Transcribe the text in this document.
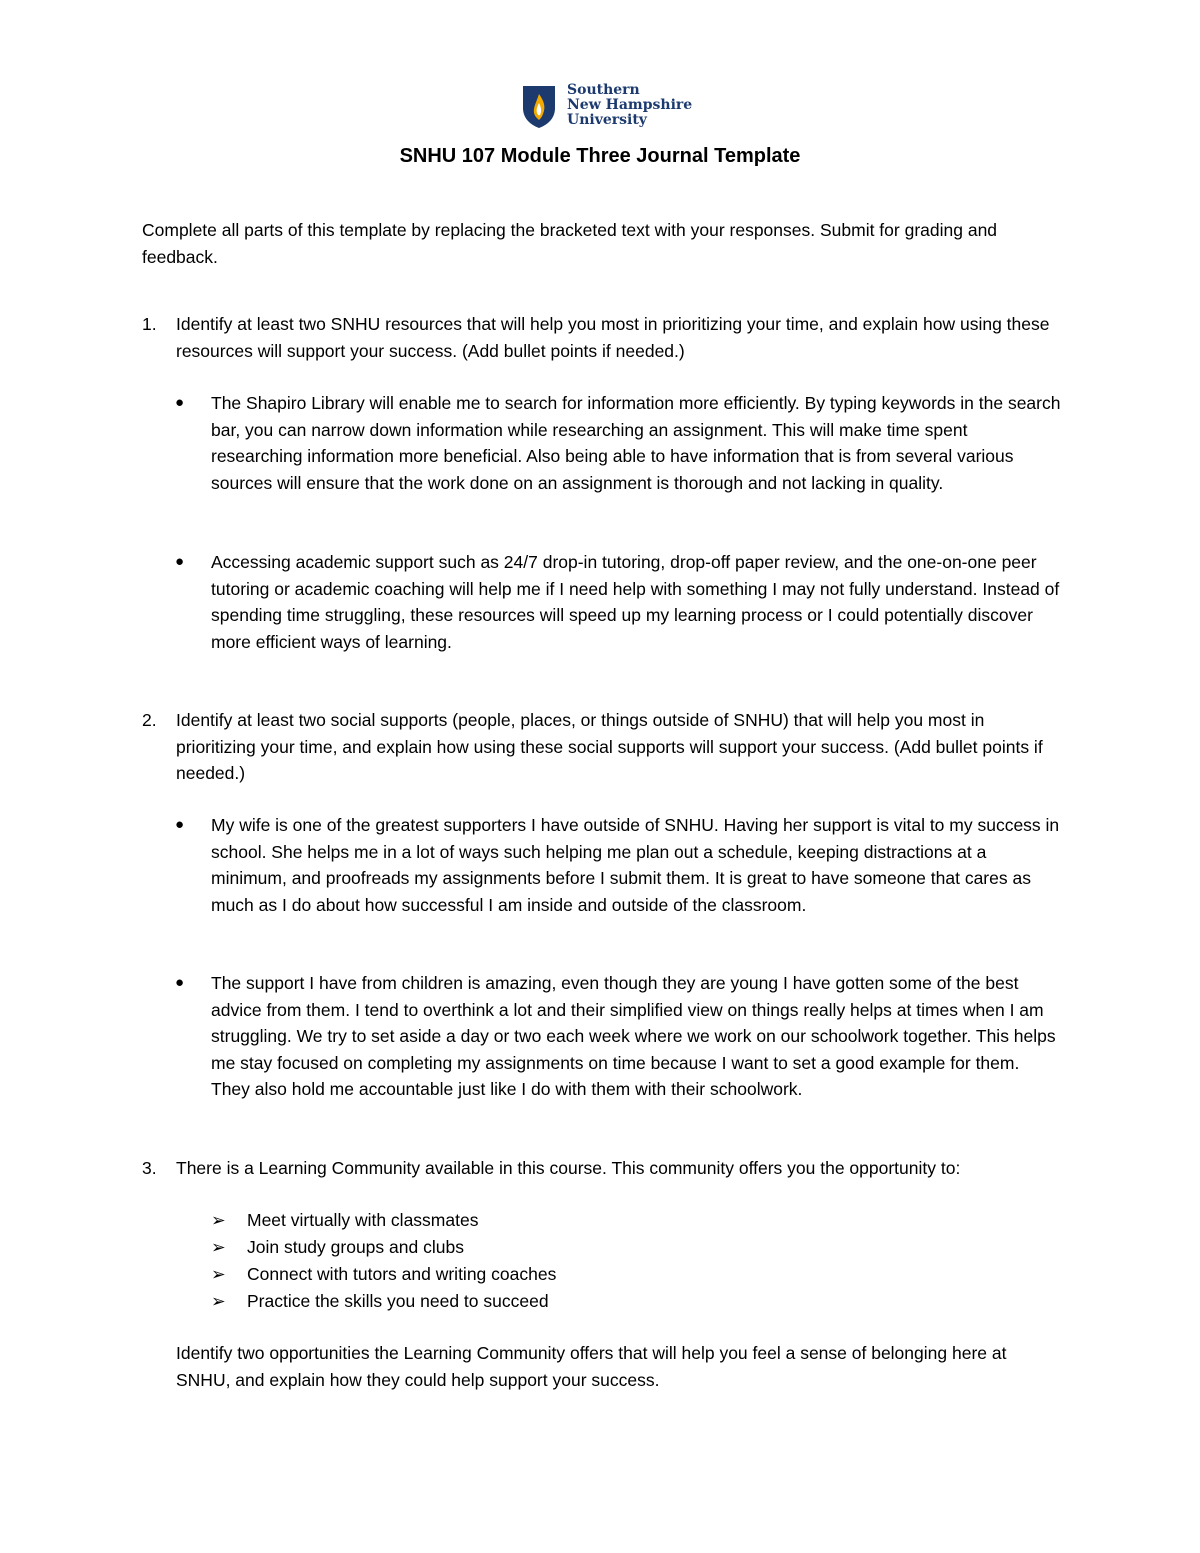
Southern
New Hampshire
University
SNHU 107 Module Three Journal Template
Complete all parts of this template by replacing the bracketed text with your responses. Submit for grading and feedback.
1.	Identify at least two SNHU resources that will help you most in prioritizing your time, and explain how using these resources will support your success. (Add bullet points if needed.)
● The Shapiro Library will enable me to search for information more efficiently. By typing keywords in the search bar, you can narrow down information while researching an assignment. This will make time spent researching information more beneficial. Also being able to have information that is from several various sources will ensure that the work done on an assignment is thorough and not lacking in quality.
● Accessing academic support such as 24/7 drop-in tutoring, drop-off paper review, and the one-on-one peer tutoring or academic coaching will help me if I need help with something I may not fully understand. Instead of spending time struggling, these resources will speed up my learning process or I could potentially discover more efficient ways of learning.
2.	Identify at least two social supports (people, places, or things outside of SNHU) that will help you most in prioritizing your time, and explain how using these social supports will support your success. (Add bullet points if needed.)
● My wife is one of the greatest supporters I have outside of SNHU. Having her support is vital to my success in school. She helps me in a lot of ways such helping me plan out a schedule, keeping distractions at a minimum, and proofreads my assignments before I submit them. It is great to have someone that cares as much as I do about how successful I am inside and outside of the classroom.
● The support I have from children is amazing, even though they are young I have gotten some of the best advice from them. I tend to overthink a lot and their simplified view on things really helps at times when I am struggling. We try to set aside a day or two each week where we work on our schoolwork together. This helps me stay focused on completing my assignments on time because I want to set a good example for them. They also hold me accountable just like I do with them with their schoolwork.
3.	There is a Learning Community available in this course. This community offers you the opportunity to:
➢	Meet virtually with classmates
➢	Join study groups and clubs
➢	Connect with tutors and writing coaches
➢	Practice the skills you need to succeed
Identify two opportunities the Learning Community offers that will help you feel a sense of belonging here at SNHU, and explain how they could help support your success.
